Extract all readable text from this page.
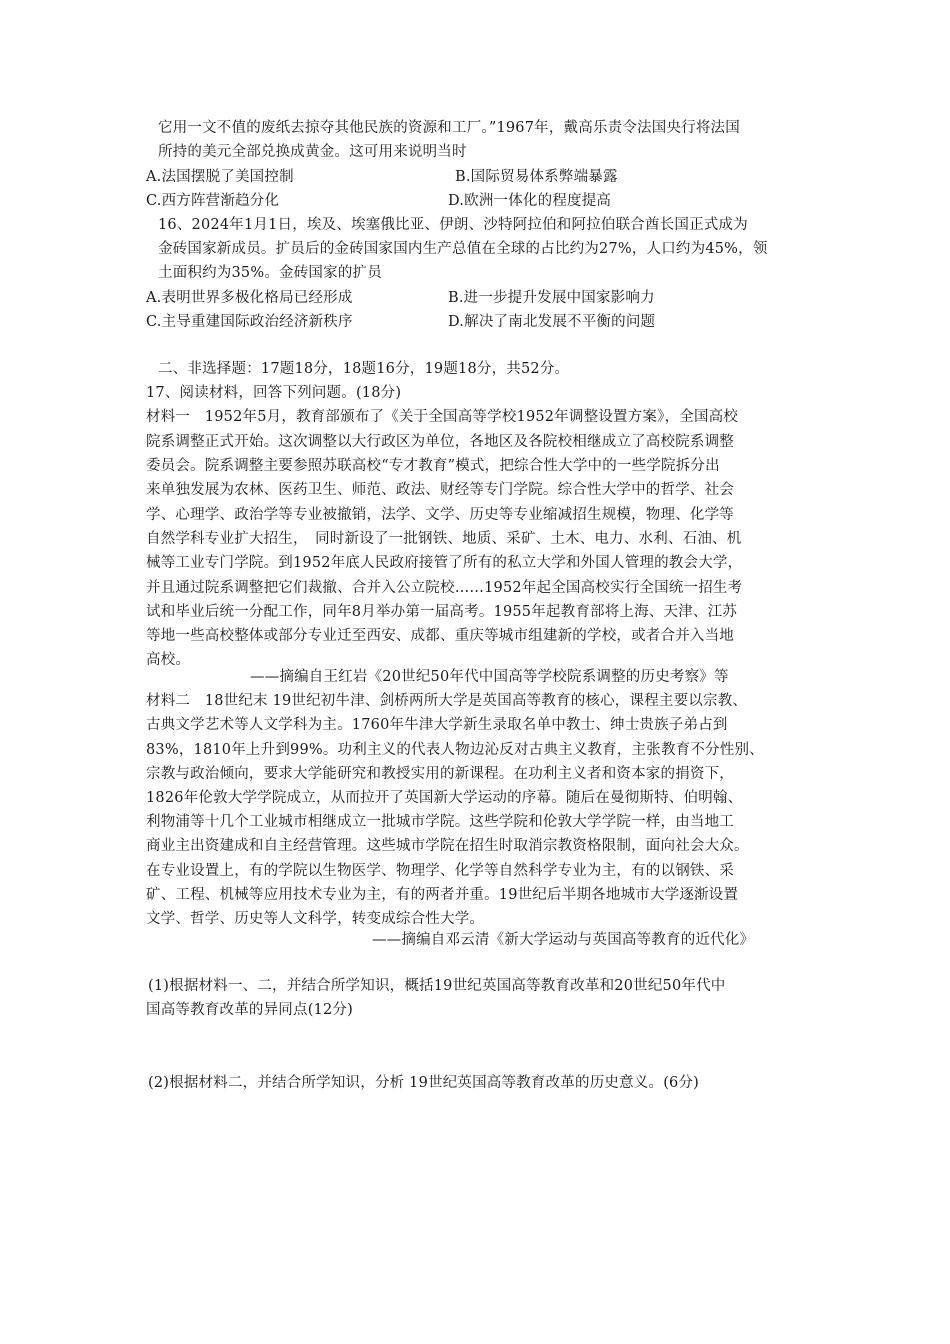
它用一文不值的废纸去掠夺其他民族的资源和工厂。”1967年，戴高乐责令法国央行将法国
所持的美元全部兑换成黄金。这可用来说明当时
A.法国摆脱了美国控制	B.国际贸易体系弊端暴露
C.西方阵营渐趋分化	D.欧洲一体化的程度提高
16、2024年1月1日，埃及、埃塞俄比亚、伊朗、沙特阿拉伯和阿拉伯联合酋长国正式成为
金砖国家新成员。扩员后的金砖国家国内生产总值在全球的占比约为27%，人口约为45%，领
土面积约为35%。金砖国家的扩员
A.表明世界多极化格局已经形成	B.进一步提升发展中国家影响力
C.主导重建国际政治经济新秩序	D.解决了南北发展不平衡的问题
二、非选择题：17题18分，18题16分，19题18分，共52分。
17、阅读材料，回答下列问题。(18分)
材料一　1952年5月，教育部颁布了《关于全国高等学校1952年调整设置方案》，全国高校
院系调整正式开始。这次调整以大行政区为单位，各地区及各院校相继成立了高校院系调整
委员会。院系调整主要参照苏联高校“专才教育”模式，把综合性大学中的一些学院拆分出
来单独发展为农林、医药卫生、师范、政法、财经等专门学院。综合性大学中的哲学、社会
学、心理学、政治学等专业被撤销，法学、文学、历史等专业缩减招生规模，物理、化学等
自然学科专业扩大招生，　同时新设了一批钢铁、地质、采矿、土木、电力、水利、石油、机
械等工业专门学院。到1952年底人民政府接管了所有的私立大学和外国人管理的教会大学，
并且通过院系调整把它们裁撤、合并入公立院校……1952年起全国高校实行全国统一招生考
试和毕业后统一分配工作，同年8月举办第一届高考。1955年起教育部将上海、天津、江苏
等地一些高校整体或部分专业迁至西安、成都、重庆等城市组建新的学校，或者合并入当地
高校。
——摘编自王红岩《20世纪50年代中国高等学校院系调整的历史考察》等
材料二　18世纪末 19世纪初牛津、剑桥两所大学是英国高等教育的核心，课程主要以宗教、
古典文学艺术等人文学科为主。1760年牛津大学新生录取名单中教士、绅士贵族子弟占到
83%，1810年上升到99%。功利主义的代表人物边沁反对古典主义教育，主张教育不分性别、
宗教与政治倾向，要求大学能研究和教授实用的新课程。在功利主义者和资本家的捐资下，
1826年伦敦大学学院成立，从而拉开了英国新大学运动的序幕。随后在曼彻斯特、伯明翰、
利物浦等十几个工业城市相继成立一批城市学院。这些学院和伦敦大学学院一样，由当地工
商业主出资建成和自主经营管理。这些城市学院在招生时取消宗教资格限制，面向社会大众。
在专业设置上，有的学院以生物医学、物理学、化学等自然科学专业为主，有的以钢铁、采
矿、工程、机械等应用技术专业为主，有的两者并重。19世纪后半期各地城市大学逐渐设置
文学、哲学、历史等人文科学，转变成综合性大学。
——摘编自邓云清《新大学运动与英国高等教育的近代化》
(1)根据材料一、二，并结合所学知识，概括19世纪英国高等教育改革和20世纪50年代中
国高等教育改革的异同点(12分)
(2)根据材料二，并结合所学知识，分析 19世纪英国高等教育改革的历史意义。(6分)
